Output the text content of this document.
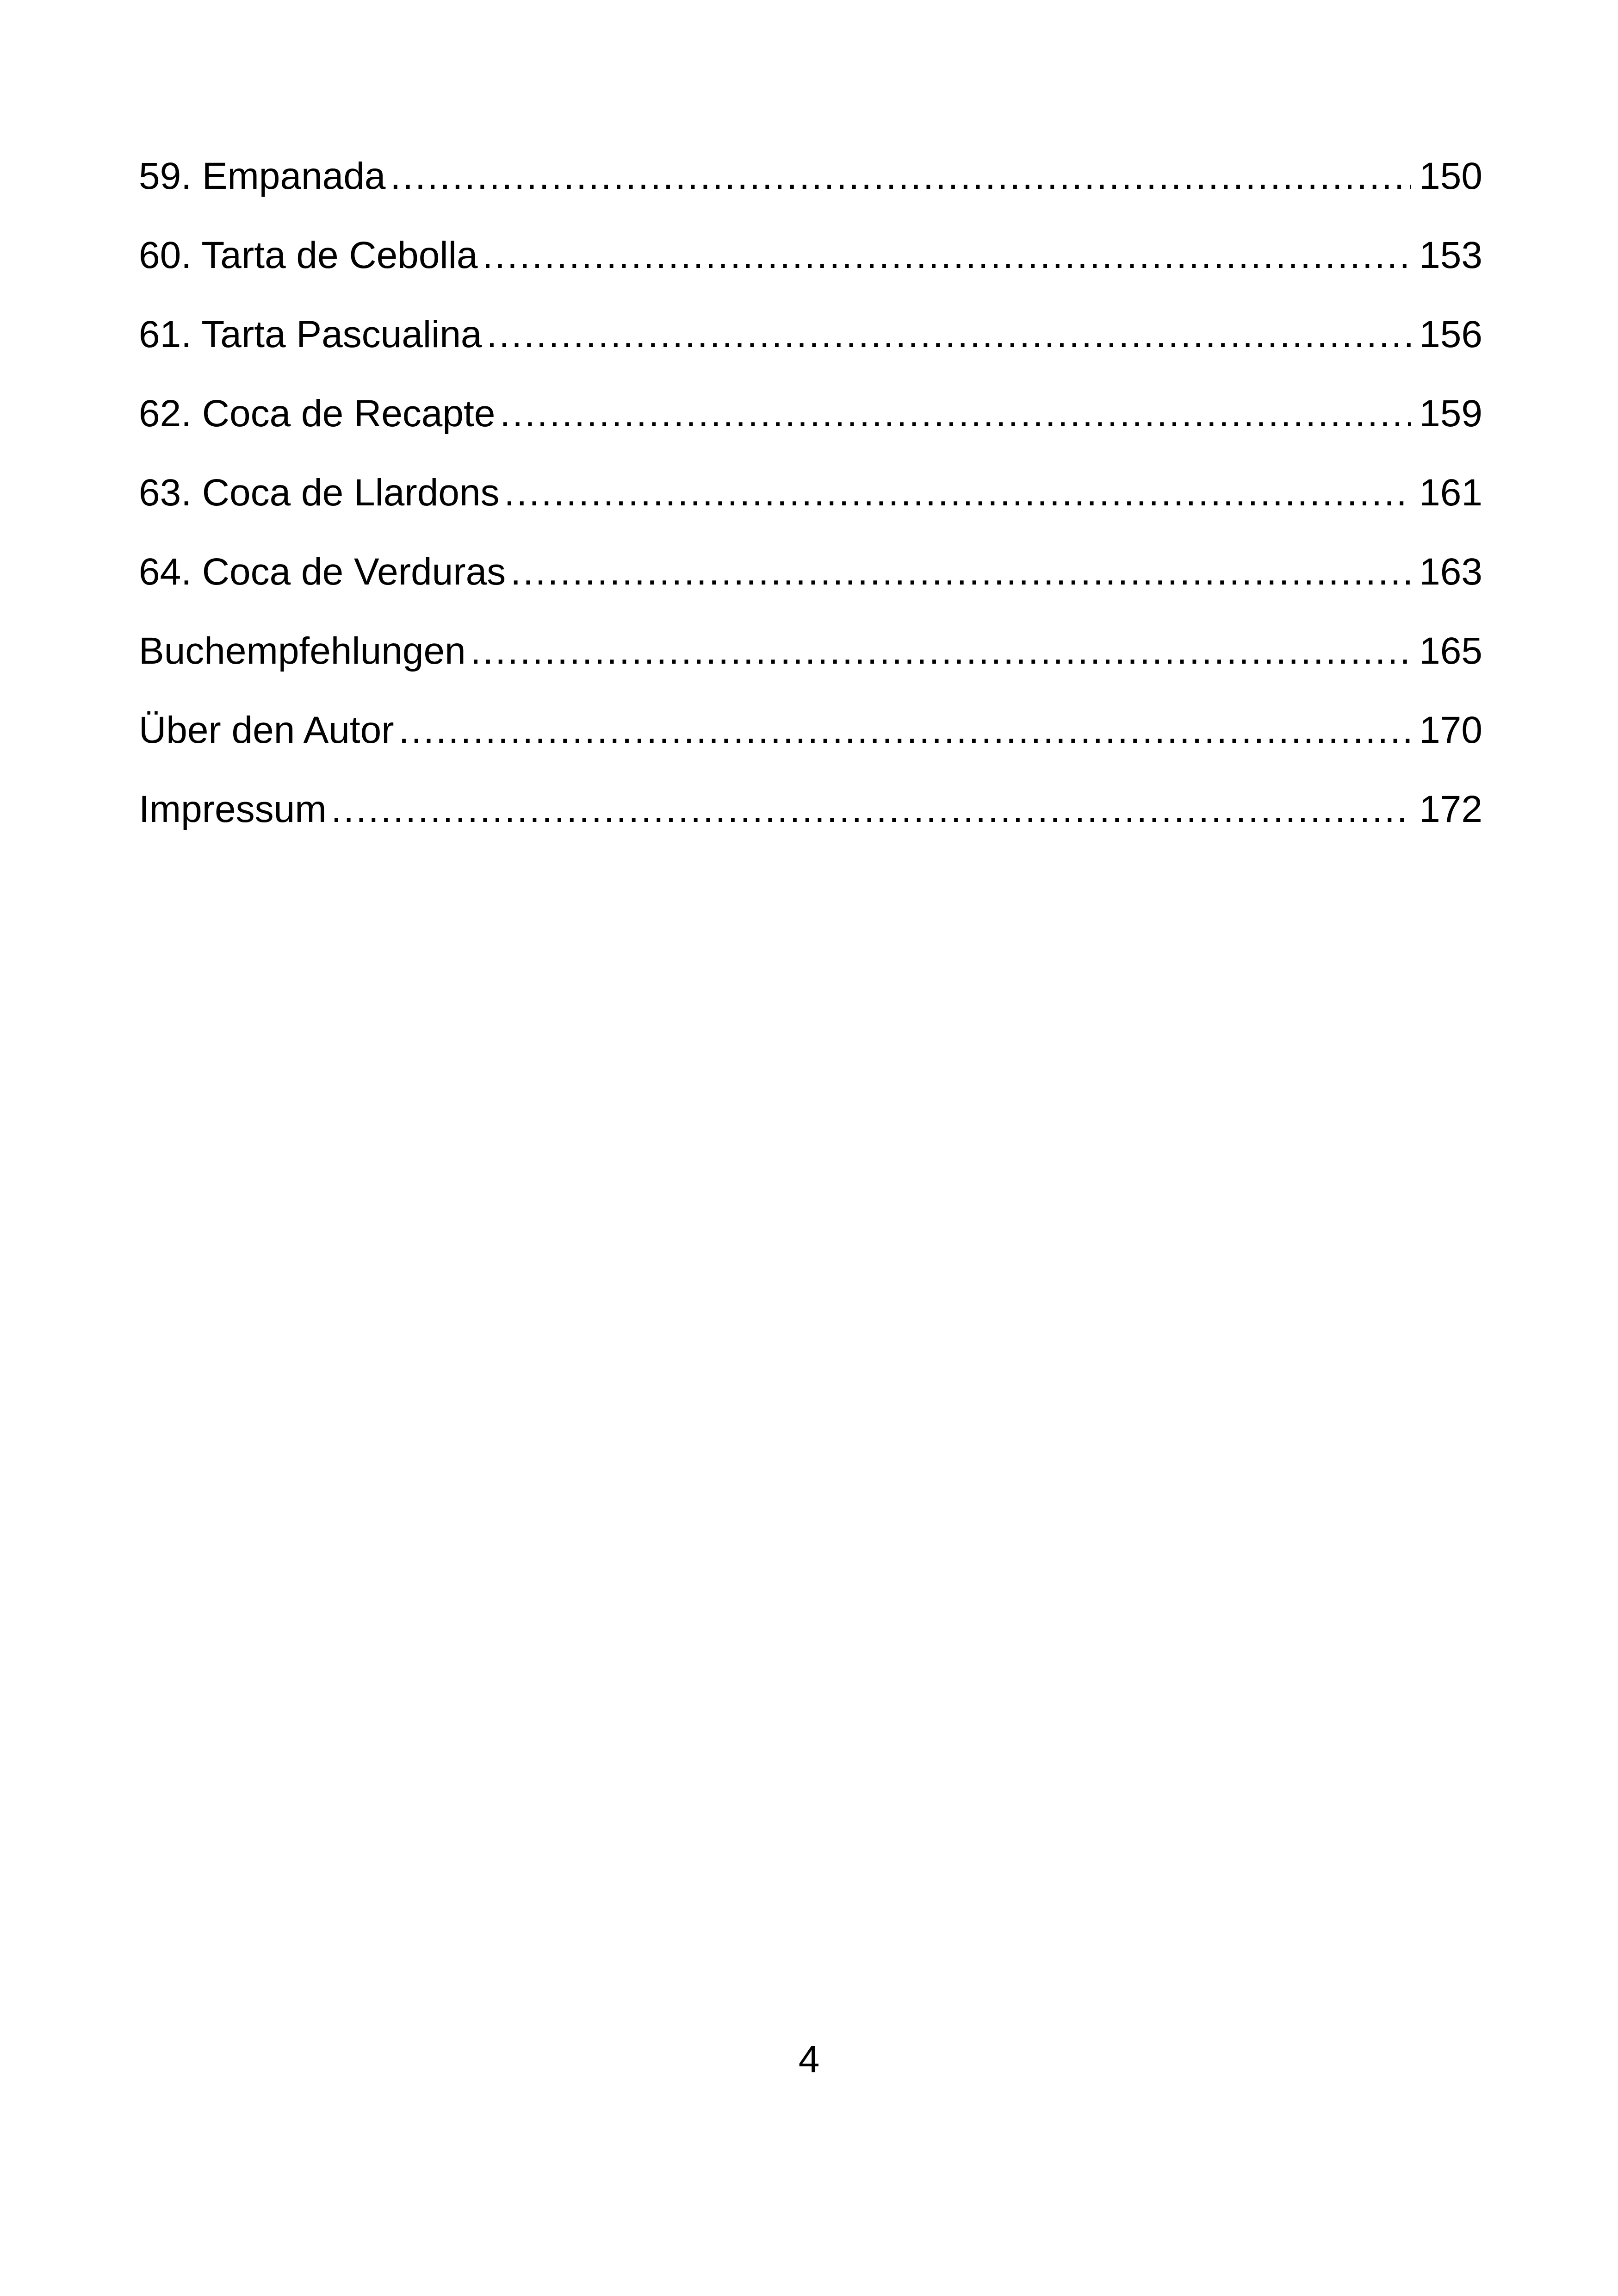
59. Empanada .....	150
60. Tarta de Cebolla .....	153
61. Tarta Pascualina .....	156
62. Coca de Recapte .....	159
63. Coca de Llardons .....	161
64. Coca de Verduras .....	163
Buchempfehlungen .....	165
Über den Autor .....	170
Impressum .....	172
4
